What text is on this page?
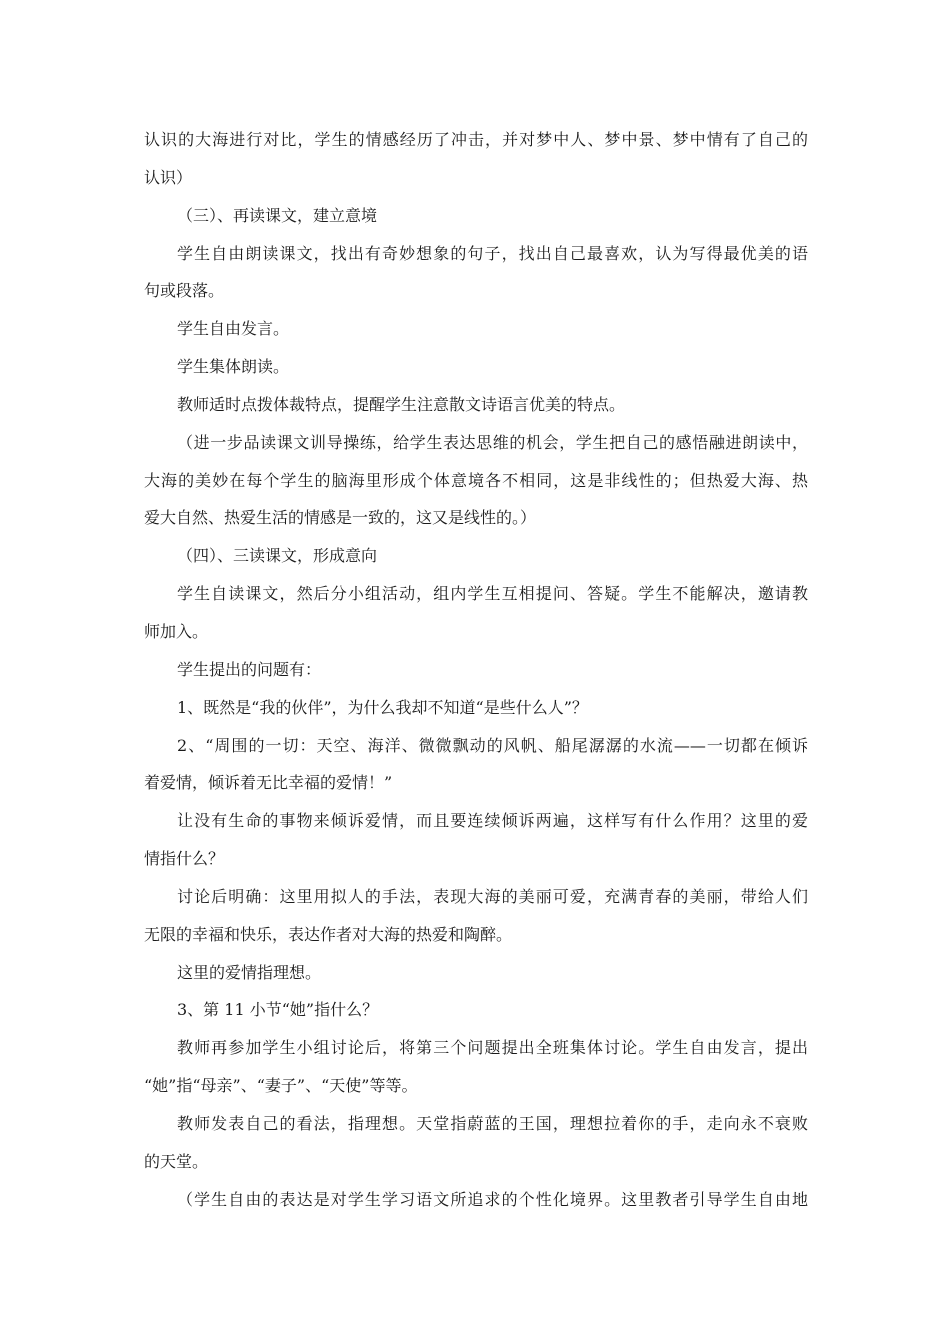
认识的大海进行对比，学生的情感经历了冲击，并对梦中人、梦中景、梦中情有了自己的
认识）
（三）、再读课文，建立意境
学生自由朗读课文，找出有奇妙想象的句子，找出自己最喜欢，认为写得最优美的语
句或段落。
学生自由发言。
学生集体朗读。
教师适时点拨体裁特点，提醒学生注意散文诗语言优美的特点。
（进一步品读课文训导操练，给学生表达思维的机会，学生把自己的感悟融进朗读中，
大海的美妙在每个学生的脑海里形成个体意境各不相同，这是非线性的；但热爱大海、热
爱大自然、热爱生活的情感是一致的，这又是线性的。）
（四）、三读课文，形成意向
学生自读课文，然后分小组活动，组内学生互相提问、答疑。学生不能解决，邀请教
师加入。
学生提出的问题有：
1、既然是“我的伙伴”，为什么我却不知道“是些什么人”？
2、“周围的一切：天空、海洋、微微飘动的风帆、船尾潺潺的水流——一切都在倾诉
着爱情，倾诉着无比幸福的爱情！”
让没有生命的事物来倾诉爱情，而且要连续倾诉两遍，这样写有什么作用？这里的爱
情指什么？
讨论后明确：这里用拟人的手法，表现大海的美丽可爱，充满青春的美丽，带给人们
无限的幸福和快乐，表达作者对大海的热爱和陶醉。
这里的爱情指理想。
3、第 11 小节“她”指什么？
教师再参加学生小组讨论后，将第三个问题提出全班集体讨论。学生自由发言，提出
“她”指“母亲”、“妻子”、“天使”等等。
教师发表自己的看法，指理想。天堂指蔚蓝的王国，理想拉着你的手，走向永不衰败
的天堂。
（学生自由的表达是对学生学习语文所追求的个性化境界。这里教者引导学生自由地
